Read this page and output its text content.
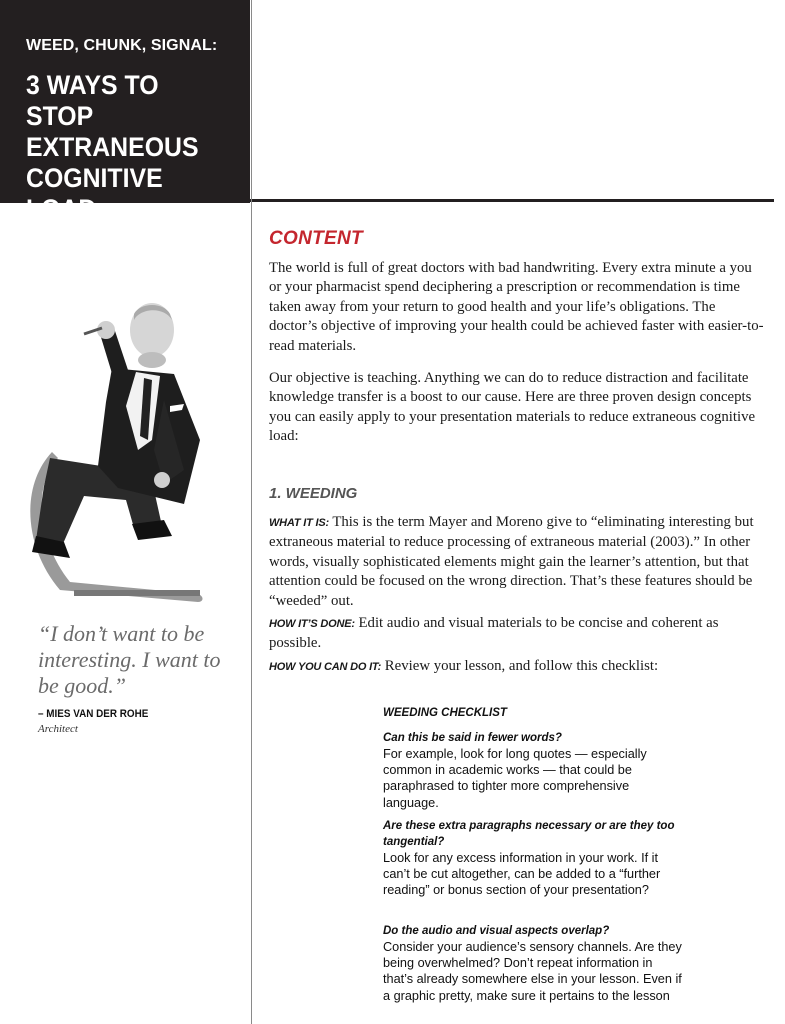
WEED, CHUNK, SIGNAL:
3 WAYS TO STOP EXTRANEOUS COGNITIVE LOAD
“I don’t want to be interesting. I want to be good.”
– MIES VAN DER ROHE
Architect
CONTENT

The world is full of great doctors with bad handwriting. Every extra minute a you or your pharmacist spend deciphering a prescription or recommendation is time taken away from your return to good health and your life’s obligations. The doctor’s objective of improving your health could be achieved faster with easier-to-read materials.

Our objective is teaching. Anything we can do to reduce distraction and facilitate knowledge transfer is a boost to our cause. Here are three proven design concepts you can easily apply to your presentation materials to reduce extraneous cognitive load:

1. WEEDING

WHAT IT IS: This is the term Mayer and Moreno give to “eliminating interesting but extraneous material to reduce processing of extraneous material (2003).” In other words, visually sophisticated elements might gain the learner’s attention, but that attention could be focused on the wrong direction. That’s these features should be “weeded” out.

HOW IT’S DONE: Edit audio and visual materials to be concise and coherent as possible.

HOW YOU CAN DO IT: Review your lesson, and follow this checklist:

WEEDING CHECKLIST
Can this be said in fewer words?
For example, look for long quotes — especially common in academic works — that could be paraphrased to tighter more comprehensive language.
Are these extra paragraphs necessary or are they too tangential?
Look for any excess information in your work. If it can’t be cut altogether, can be added to a “further reading” or bonus section of your presentation?
Do the audio and visual aspects overlap?
Consider your audience’s sensory channels. Are they being overwhelmed? Don’t repeat information in that’s already somewhere else in your lesson. Even if a graphic pretty, make sure it pertains to the lesson
